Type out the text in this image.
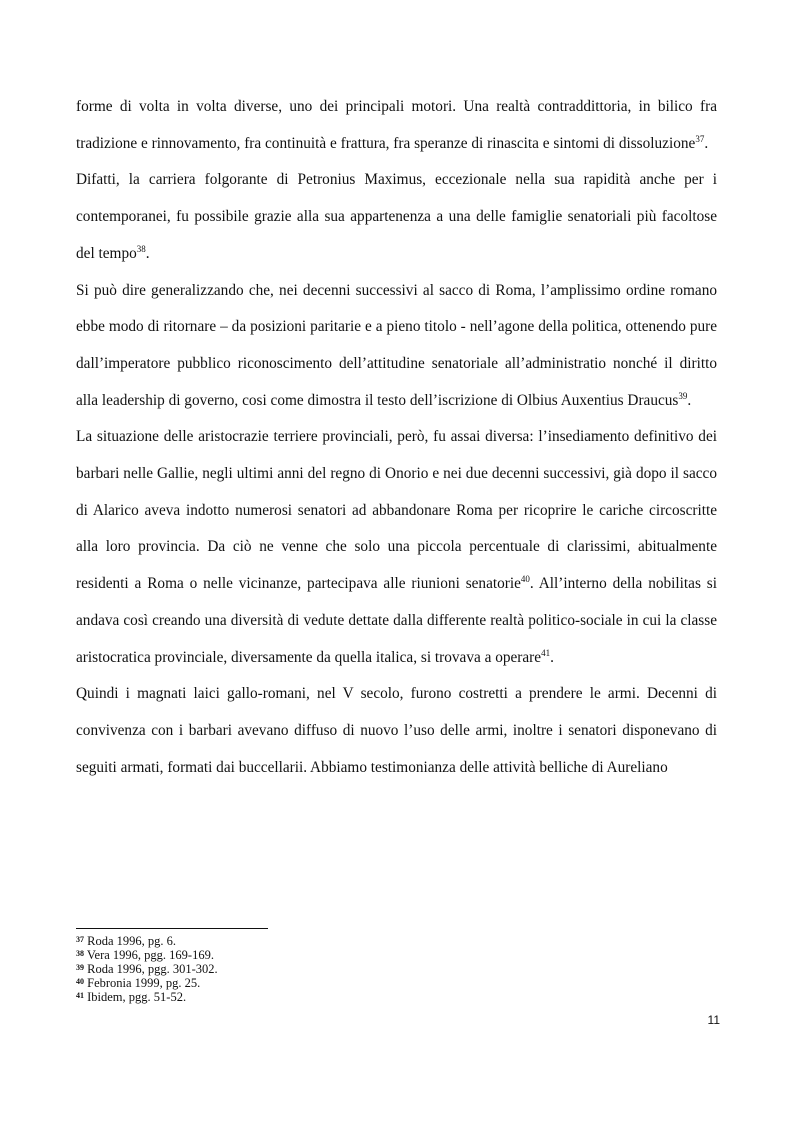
forme di volta in volta diverse, uno dei principali motori. Una realtà contraddittoria, in bilico fra tradizione e rinnovamento, fra continuità e frattura, fra speranze di rinascita e sintomi di dissoluzione$^{37}$.

Difatti, la carriera folgorante di Petronius Maximus, eccezionale nella sua rapidità anche per i contemporanei, fu possibile grazie alla sua appartenenza a una delle famiglie senatoriali più facoltose del tempo$^{38}$.

Si può dire generalizzando che, nei decenni successivi al sacco di Roma, l’amplissimo ordine romano ebbe modo di ritornare – da posizioni paritarie e a pieno titolo - nell’agone della politica, ottenendo pure dall’imperatore pubblico riconoscimento dell’attitudine senatoriale all’administratio nonché il diritto alla leadership di governo, cosi come dimostra il testo dell’iscrizione di Olbius Auxentius Draucus$^{39}$.

La situazione delle aristocrazie terriere provinciali, però, fu assai diversa: l’insediamento definitivo dei barbari nelle Gallie, negli ultimi anni del regno di Onorio e nei due decenni successivi, già dopo il sacco di Alarico aveva indotto numerosi senatori ad abbandonare Roma per ricoprire le cariche circoscritte alla loro provincia. Da ciò ne venne che solo una piccola percentuale di clarissimi, abitualmente residenti a Roma o nelle vicinanze, partecipava alle riunioni senatorie$^{40}$. All’interno della nobilitas si andava così creando una diversità di vedute dettate dalla differente realtà politico-sociale in cui la classe aristocratica provinciale, diversamente da quella italica, si trovava a operare$^{41}$.

Quindi i magnati laici gallo-romani, nel V secolo, furono costretti a prendere le armi. Decenni di convivenza con i barbari avevano diffuso di nuovo l’uso delle armi, inoltre i senatori disponevano di seguiti armati, formati dai buccellarii. Abbiamo testimonianza delle attività belliche di Aureliano

$^{37}$ Roda 1996, pg. 6.

$^{38}$ Vera 1996, pgg. 169-169.

$^{39}$ Roda 1996, pgg. 301-302.

$^{40}$ Febronia 1999, pg. 25.

$^{41}$ Ibidem, pgg. 51-52.

11
